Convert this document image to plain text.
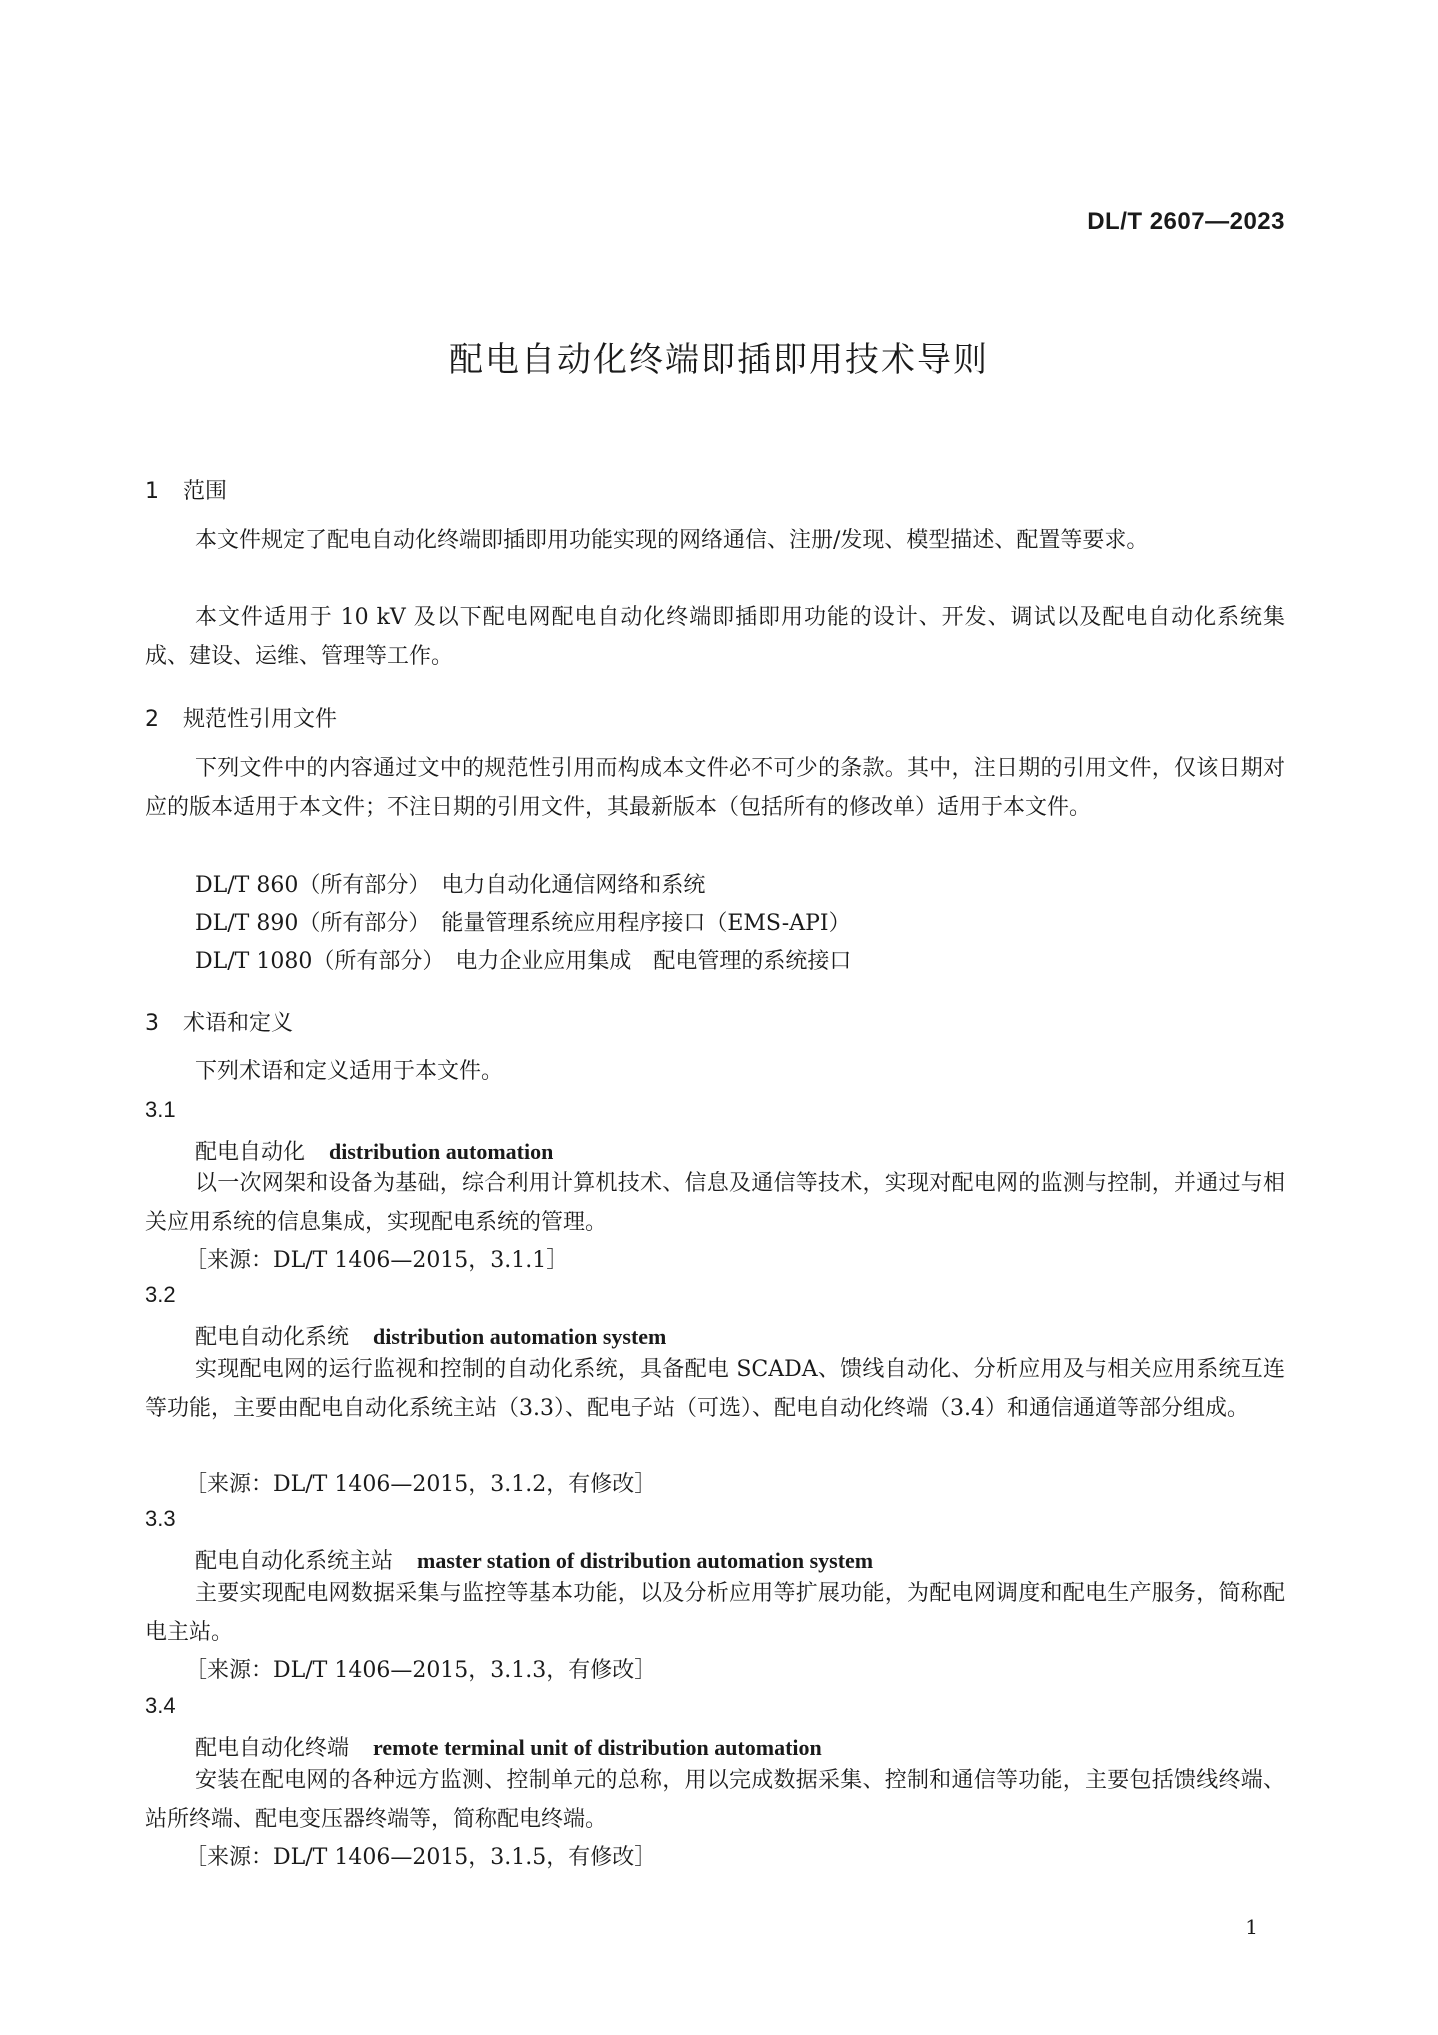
DL/T 2607—2023
配电自动化终端即插即用技术导则
1 范围
本文件规定了配电自动化终端即插即用功能实现的网络通信、注册/发现、模型描述、配置等要求。
本文件适用于 10 kV 及以下配电网配电自动化终端即插即用功能的设计、开发、调试以及配电自动化系统集成、建设、运维、管理等工作。
2 规范性引用文件
下列文件中的内容通过文中的规范性引用而构成本文件必不可少的条款。其中，注日期的引用文件，仅该日期对应的版本适用于本文件；不注日期的引用文件，其最新版本（包括所有的修改单）适用于本文件。
DL/T 860（所有部分）　电力自动化通信网络和系统
DL/T 890（所有部分）　能量管理系统应用程序接口（EMS-API）
DL/T 1080（所有部分）　电力企业应用集成　配电管理的系统接口
3 术语和定义
下列术语和定义适用于本文件。
3.1
配电自动化 distribution automation
以一次网架和设备为基础，综合利用计算机技术、信息及通信等技术，实现对配电网的监测与控制，并通过与相关应用系统的信息集成，实现配电系统的管理。
［来源：DL/T 1406—2015，3.1.1］
3.2
配电自动化系统 distribution automation system
实现配电网的运行监视和控制的自动化系统，具备配电 SCADA、馈线自动化、分析应用及与相关应用系统互连等功能，主要由配电自动化系统主站（3.3）、配电子站（可选）、配电自动化终端（3.4）和通信通道等部分组成。
［来源：DL/T 1406—2015，3.1.2，有修改］
3.3
配电自动化系统主站 master station of distribution automation system
主要实现配电网数据采集与监控等基本功能，以及分析应用等扩展功能，为配电网调度和配电生产服务，简称配电主站。
［来源：DL/T 1406—2015，3.1.3，有修改］
3.4
配电自动化终端 remote terminal unit of distribution automation
安装在配电网的各种远方监测、控制单元的总称，用以完成数据采集、控制和通信等功能，主要包括馈线终端、站所终端、配电变压器终端等，简称配电终端。
［来源：DL/T 1406—2015，3.1.5，有修改］
1
